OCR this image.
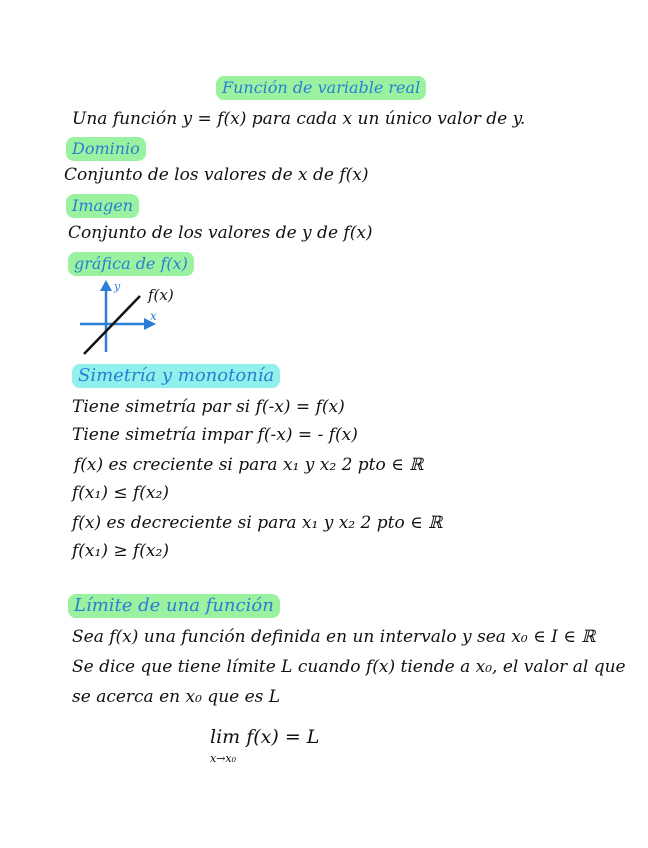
Función de variable real
Una función y = f(x) para cada x un único valor de y.
Dominio
Conjunto de los valores de x de f(x)
Imagen
Conjunto de los valores de y de f(x)
gráfica de f(x)
y
x
f(x)
Simetría y monotonía
Tiene simetría par si f(-x) = f(x)
Tiene simetría impar f(-x) = - f(x)
f(x) es creciente si para x₁ y x₂ 2 pto ∈ ℝ
f(x₁) ≤ f(x₂)
f(x) es decreciente si para x₁ y x₂ 2 pto ∈ ℝ
f(x₁) ≥ f(x₂)
Límite de una función
Sea f(x) una función definida en un intervalo y sea x₀ ∈ I ∈ ℝ
Se dice que tiene límite L cuando f(x) tiende a x₀, el valor al que
se acerca en x₀ que es L
lim f(x) = L
x→x₀
